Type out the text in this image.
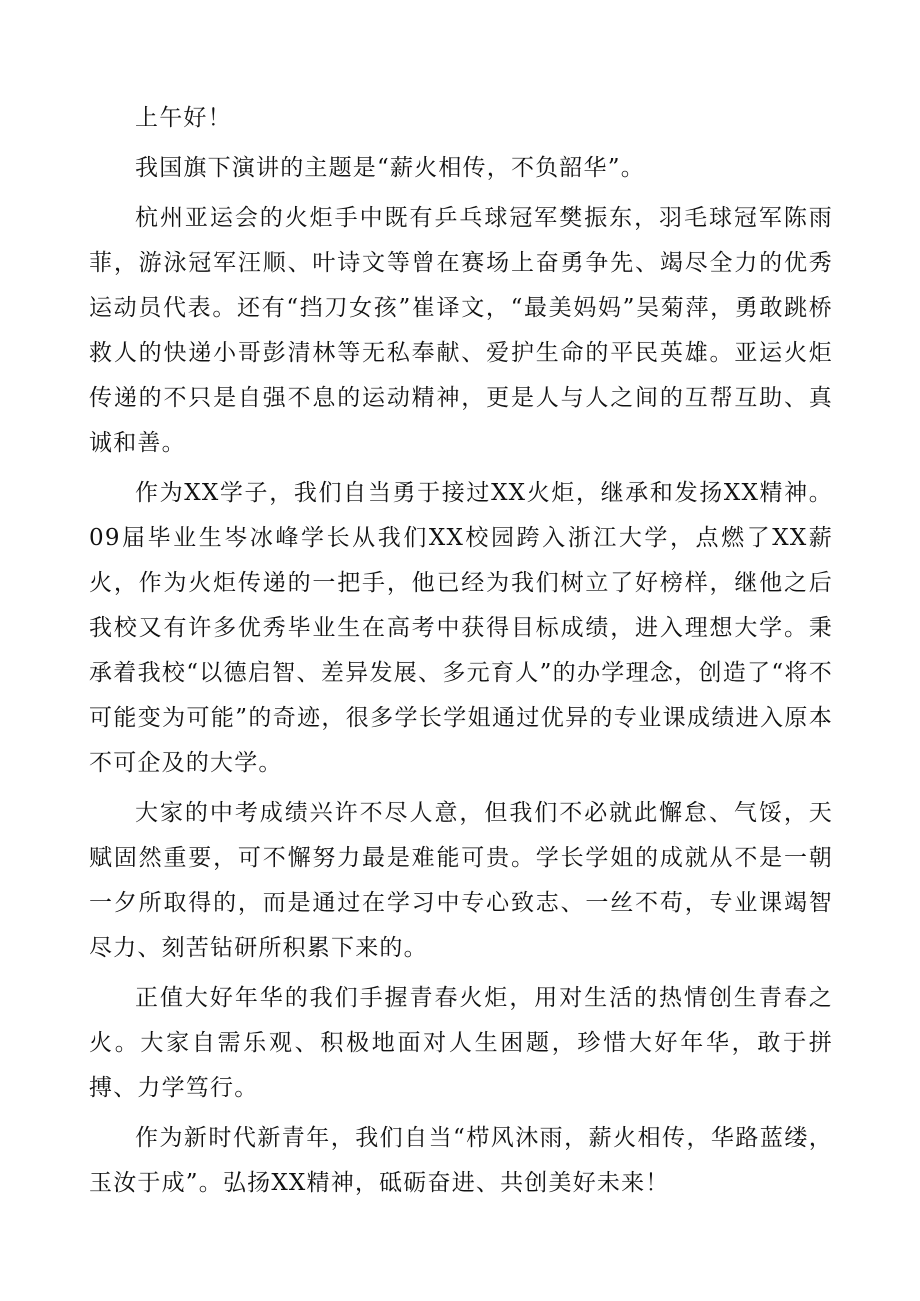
上午好！

我国旗下演讲的主题是“薪火相传，不负韶华”。

杭州亚运会的火炬手中既有乒乓球冠军樊振东，羽毛球冠军陈雨菲，游泳冠军汪顺、叶诗文等曾在赛场上奋勇争先、竭尽全力的优秀运动员代表。还有“挡刀女孩”崔译文，“最美妈妈”吴菊萍，勇敢跳桥救人的快递小哥彭清林等无私奉献、爱护生命的平民英雄。亚运火炬传递的不只是自强不息的运动精神，更是人与人之间的互帮互助、真诚和善。

作为XX学子，我们自当勇于接过XX火炬，继承和发扬XX精神。09届毕业生岑冰峰学长从我们XX校园跨入浙江大学，点燃了XX薪火，作为火炬传递的一把手，他已经为我们树立了好榜样，继他之后我校又有许多优秀毕业生在高考中获得目标成绩，进入理想大学。秉承着我校“以德启智、差异发展、多元育人”的办学理念，创造了“将不可能变为可能”的奇迹，很多学长学姐通过优异的专业课成绩进入原本不可企及的大学。

大家的中考成绩兴许不尽人意，但我们不必就此懈怠、气馁，天赋固然重要，可不懈努力最是难能可贵。学长学姐的成就从不是一朝一夕所取得的，而是通过在学习中专心致志、一丝不苟，专业课竭智尽力、刻苦钻研所积累下来的。

正值大好年华的我们手握青春火炬，用对生活的热情创生青春之火。大家自需乐观、积极地面对人生困题，珍惜大好年华，敢于拼搏、力学笃行。

作为新时代新青年，我们自当“栉风沐雨，薪火相传，华路蓝缕，玉汝于成”。弘扬XX精神，砥砺奋进、共创美好未来！
